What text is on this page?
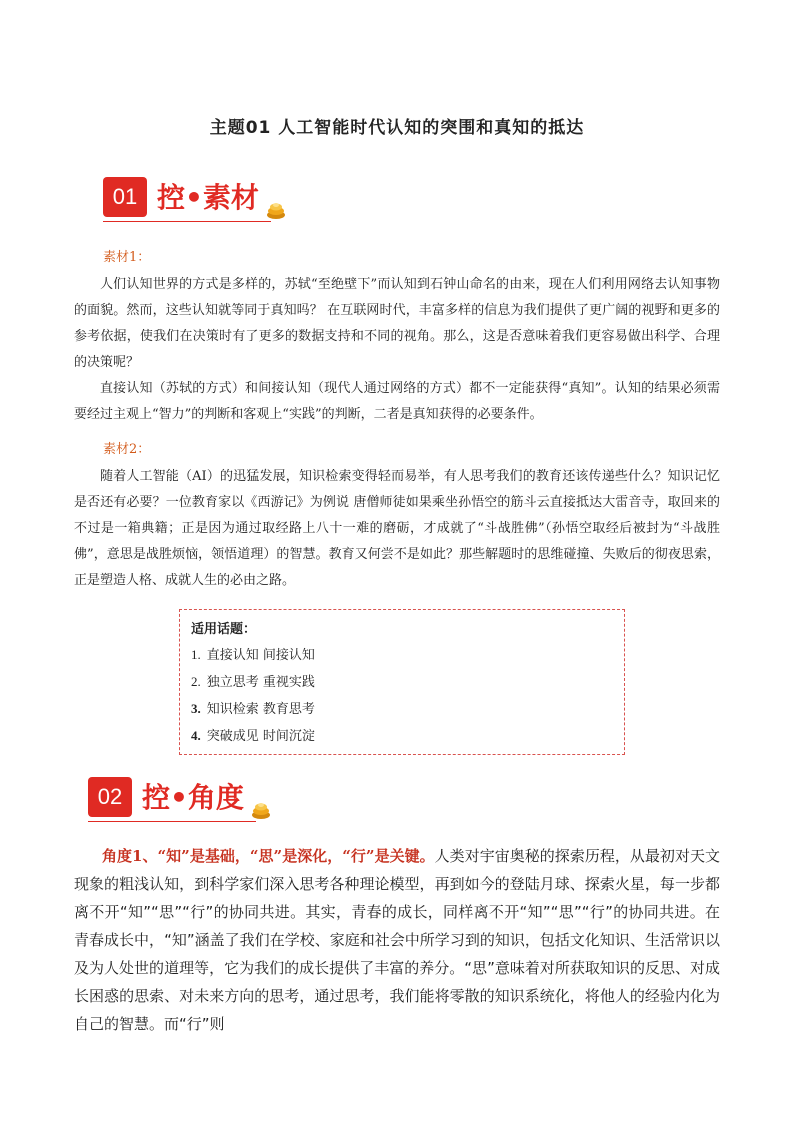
主题01 人工智能时代认知的突围和真知的抵达
01 控•素材
素材1：
人们认知世界的方式是多样的，苏轼“至绝壁下”而认知到石钟山命名的由来，现在人们利用网络去认知事物的面貌。然而，这些认知就等同于真知吗？ 在互联网时代，丰富多样的信息为我们提供了更广阔的视野和更多的参考依据，使我们在决策时有了更多的数据支持和不同的视角。那么，这是否意味着我们更容易做出科学、合理的决策呢？
直接认知（苏轼的方式）和间接认知（现代人通过网络的方式）都不一定能获得“真知”。认知的结果必须需要经过主观上“智力”的判断和客观上“实践”的判断，二者是真知获得的必要条件。
素材2：
随着人工智能（AI）的迅猛发展，知识检索变得轻而易举，有人思考我们的教育还该传递些什么？知识记忆是否还有必要？一位教育家以《西游记》为例说 唐僧师徒如果乘坐孙悟空的筋斗云直接抵达大雷音寺，取回来的不过是一箱典籍；正是因为通过取经路上八十一难的磨砺，才成就了“斗战胜佛”（孙悟空取经后被封为“斗战胜佛”，意思是战胜烦恼，领悟道理）的智慧。教育又何尝不是如此？那些解题时的思维碰撞、失败后的彻夜思索，正是塑造人格、成就人生的必由之路。
适用话题：
1. 直接认知 间接认知
2. 独立思考 重视实践
3. 知识检索 教育思考
4. 突破成见 时间沉淀
02 控•角度
角度1、“知”是基础，“思”是深化，“行”是关键。人类对宇宙奥秘的探索历程，从最初对天文现象的粗浅认知，到科学家们深入思考各种理论模型，再到如今的登陆月球、探索火星，每一步都离不开“知”“思”“行”的协同共进。其实，青春的成长，同样离不开“知”“思”“行”的协同共进。在青春成长中，“知”涵盖了我们在学校、家庭和社会中所学习到的知识，包括文化知识、生活常识以及为人处世的道理等，它为我们的成长提供了丰富的养分。“思”意味着对所获取知识的反思、对成长困惑的思索、对未来方向的思考，通过思考，我们能将零散的知识系统化，将他人的经验内化为自己的智慧。而“行”则
